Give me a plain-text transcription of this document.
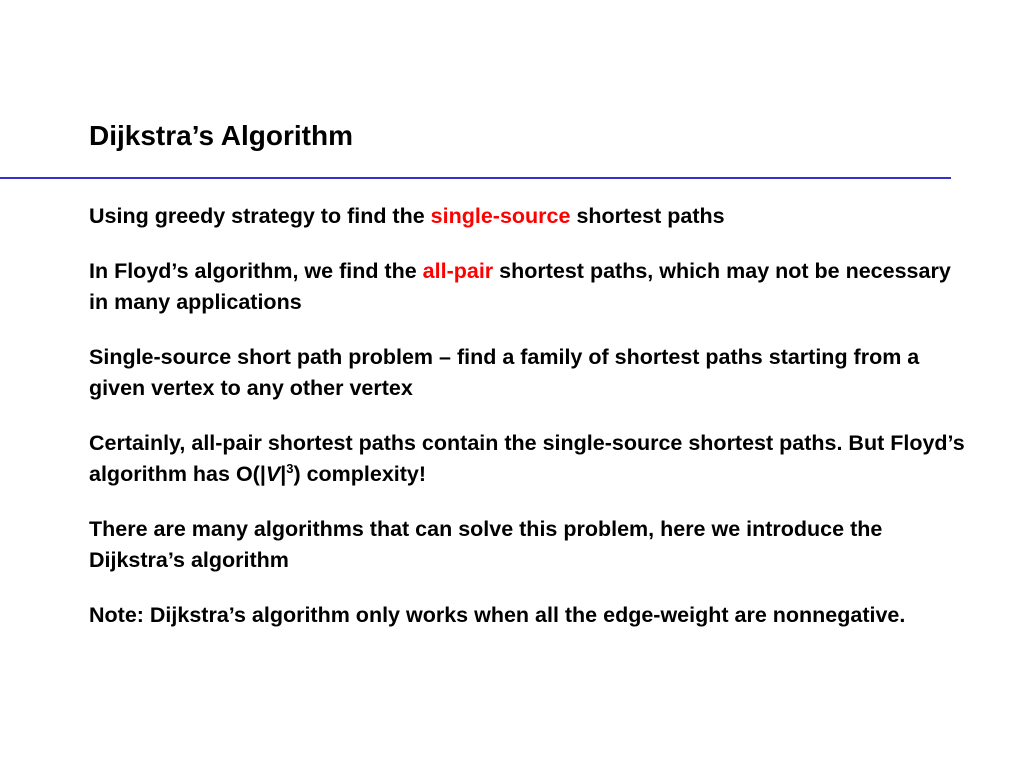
Dijkstra’s Algorithm

Using greedy strategy to find the single-source shortest paths

In Floyd’s algorithm, we find the all-pair shortest paths, which may not be necessary in many applications

Single-source short path problem – find a family of shortest paths starting from a given vertex to any other vertex

Certainly, all-pair shortest paths contain the single-source shortest paths. But Floyd’s algorithm has $O(|V|^3)$ complexity!

There are many algorithms that can solve this problem, here we introduce the Dijkstra’s algorithm

Note: Dijkstra’s algorithm only works when all the edge-weight are nonnegative.
